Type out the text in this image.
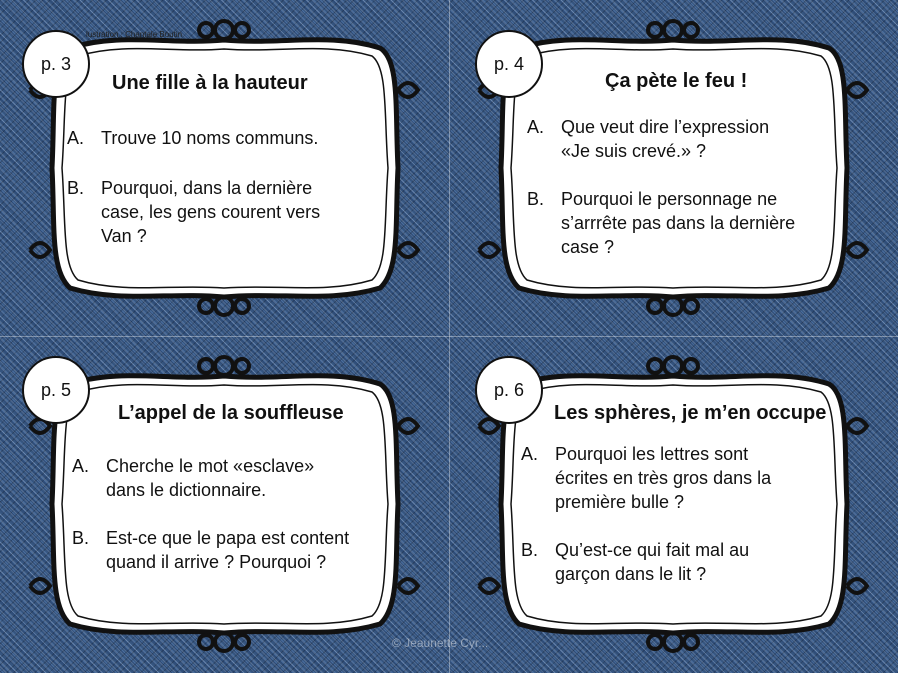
p. 3
Une fille à la hauteur
A. Trouve 10 noms communs.
B. Pourquoi, dans la dernière
case, les gens courent vers
Van ?
p. 4
Ça pète le feu !
A. Que veut dire l’expression
«Je suis crevé.» ?
B. Pourquoi le personnage ne
s’arrrête pas dans la dernière
case ?
p. 5
L’appel de la souffleuse
A. Cherche le mot «esclave»
dans le dictionnaire.
B. Est-ce que le papa est content
quand il arrive ? Pourquoi ?
p. 6
Les sphères, je m’en occupe
A. Pourquoi les lettres sont
écrites en très gros dans la
première bulle ?
B. Qu’est-ce qui fait mal au
garçon dans le lit ?
lustration : Chantale Boutin
© Jeaunette Cyr...
